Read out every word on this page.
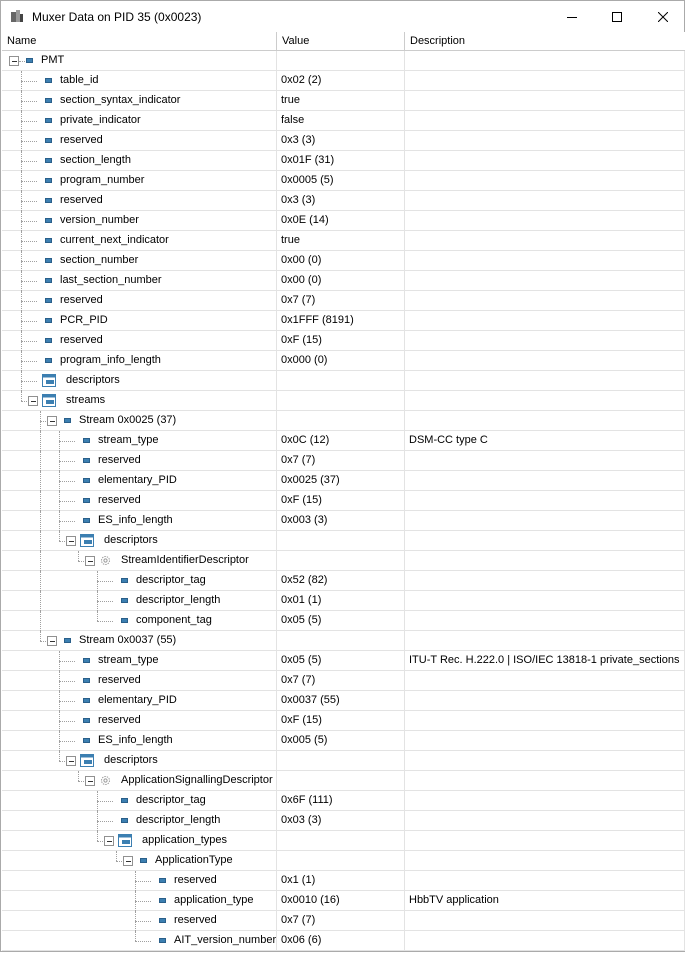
Muxer Data on PID 35 (0x0023)
Name	Value	Description
PMT
table_id	0x02 (2)
section_syntax_indicator	true
private_indicator	false
reserved	0x3 (3)
section_length	0x01F (31)
program_number	0x0005 (5)
reserved	0x3 (3)
version_number	0x0E (14)
current_next_indicator	true
section_number	0x00 (0)
last_section_number	0x00 (0)
reserved	0x7 (7)
PCR_PID	0x1FFF (8191)
reserved	0xF (15)
program_info_length	0x000 (0)
descriptors
streams
Stream 0x0025 (37)
stream_type	0x0C (12)	DSM-CC type C
reserved	0x7 (7)
elementary_PID	0x0025 (37)
reserved	0xF (15)
ES_info_length	0x003 (3)
descriptors
StreamIdentifierDescriptor
descriptor_tag	0x52 (82)
descriptor_length	0x01 (1)
component_tag	0x05 (5)
Stream 0x0037 (55)
stream_type	0x05 (5)	ITU-T Rec. H.222.0 | ISO/IEC 13818-1 private_sections
reserved	0x7 (7)
elementary_PID	0x0037 (55)
reserved	0xF (15)
ES_info_length	0x005 (5)
descriptors
ApplicationSignallingDescriptor
descriptor_tag	0x6F (111)
descriptor_length	0x03 (3)
application_types
ApplicationType
reserved	0x1 (1)
application_type	0x0010 (16)	HbbTV application
reserved	0x7 (7)
AIT_version_number 0x06 (6)
